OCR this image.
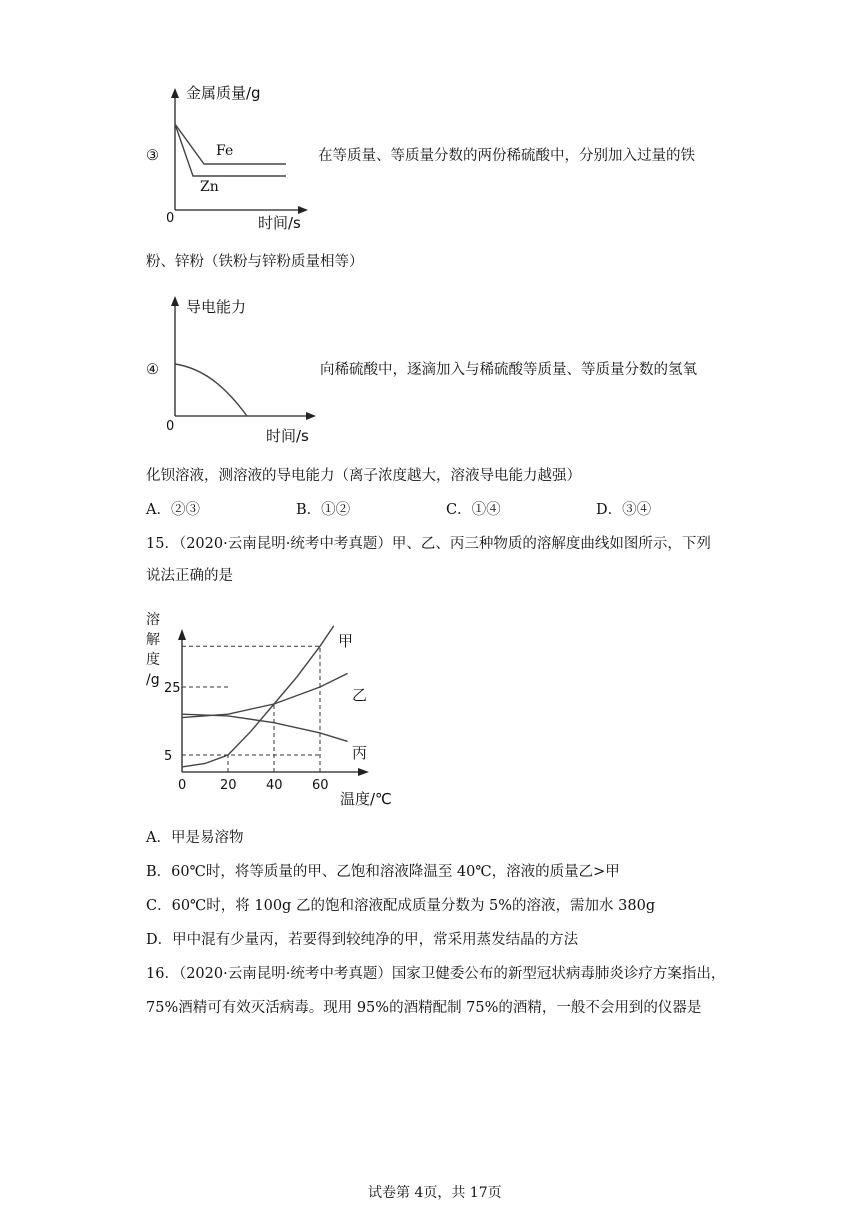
③
金属质量/g
Fe
Zn
0	时间/s
在等质量、等质量分数的两份稀硫酸中，分别加入过量的铁
粉、锌粉（铁粉与锌粉质量相等）
④
导电能力
0
时间/s
向稀硫酸中，逐滴加入与稀硫酸等质量、等质量分数的氢氧
化钡溶液，测溶液的导电能力（离子浓度越大，溶液导电能力越强）
A．②③	B．①②	C．①④	D．③④
15．（2020·云南昆明·统考中考真题）甲、乙、丙三种物质的溶解度曲线如图所示，下列
说法正确的是
溶
解
度
/g
5
25
20 40 60
甲
乙
丙
0
温度/℃
A．甲是易溶物
B．60℃时，将等质量的甲、乙饱和溶液降温至 40℃，溶液的质量乙>甲
C．60℃时，将 100g 乙的饱和溶液配成质量分数为 5%的溶液，需加水 380g
D．甲中混有少量丙，若要得到较纯净的甲，常采用蒸发结晶的方法
16．（2020·云南昆明·统考中考真题）国家卫健委公布的新型冠状病毒肺炎诊疗方案指出，
75%酒精可有效灭活病毒。现用 95%的酒精配制 75%的酒精，一般不会用到的仪器是
试卷第 4页，共 17页
